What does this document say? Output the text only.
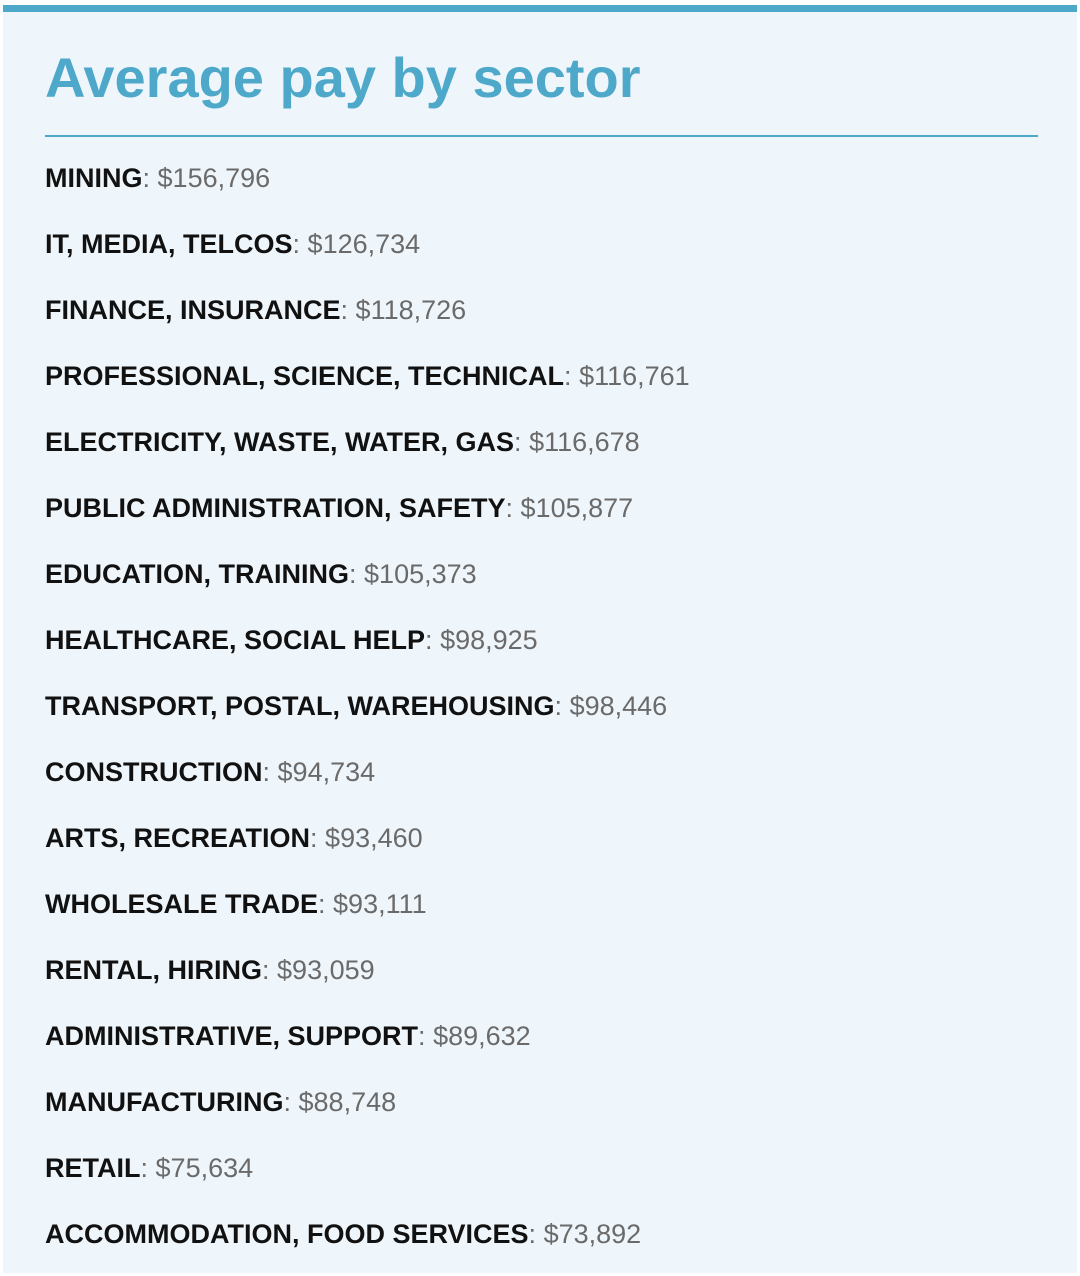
Average pay by sector
MINING: $156,796
IT, MEDIA, TELCOS: $126,734
FINANCE, INSURANCE: $118,726
PROFESSIONAL, SCIENCE, TECHNICAL: $116,761
ELECTRICITY, WASTE, WATER, GAS: $116,678
PUBLIC ADMINISTRATION, SAFETY: $105,877
EDUCATION, TRAINING: $105,373
HEALTHCARE, SOCIAL HELP: $98,925
TRANSPORT, POSTAL, WAREHOUSING: $98,446
CONSTRUCTION: $94,734
ARTS, RECREATION: $93,460
WHOLESALE TRADE: $93,111
RENTAL, HIRING: $93,059
ADMINISTRATIVE, SUPPORT: $89,632
MANUFACTURING: $88,748
RETAIL: $75,634
ACCOMMODATION, FOOD SERVICES: $73,892
